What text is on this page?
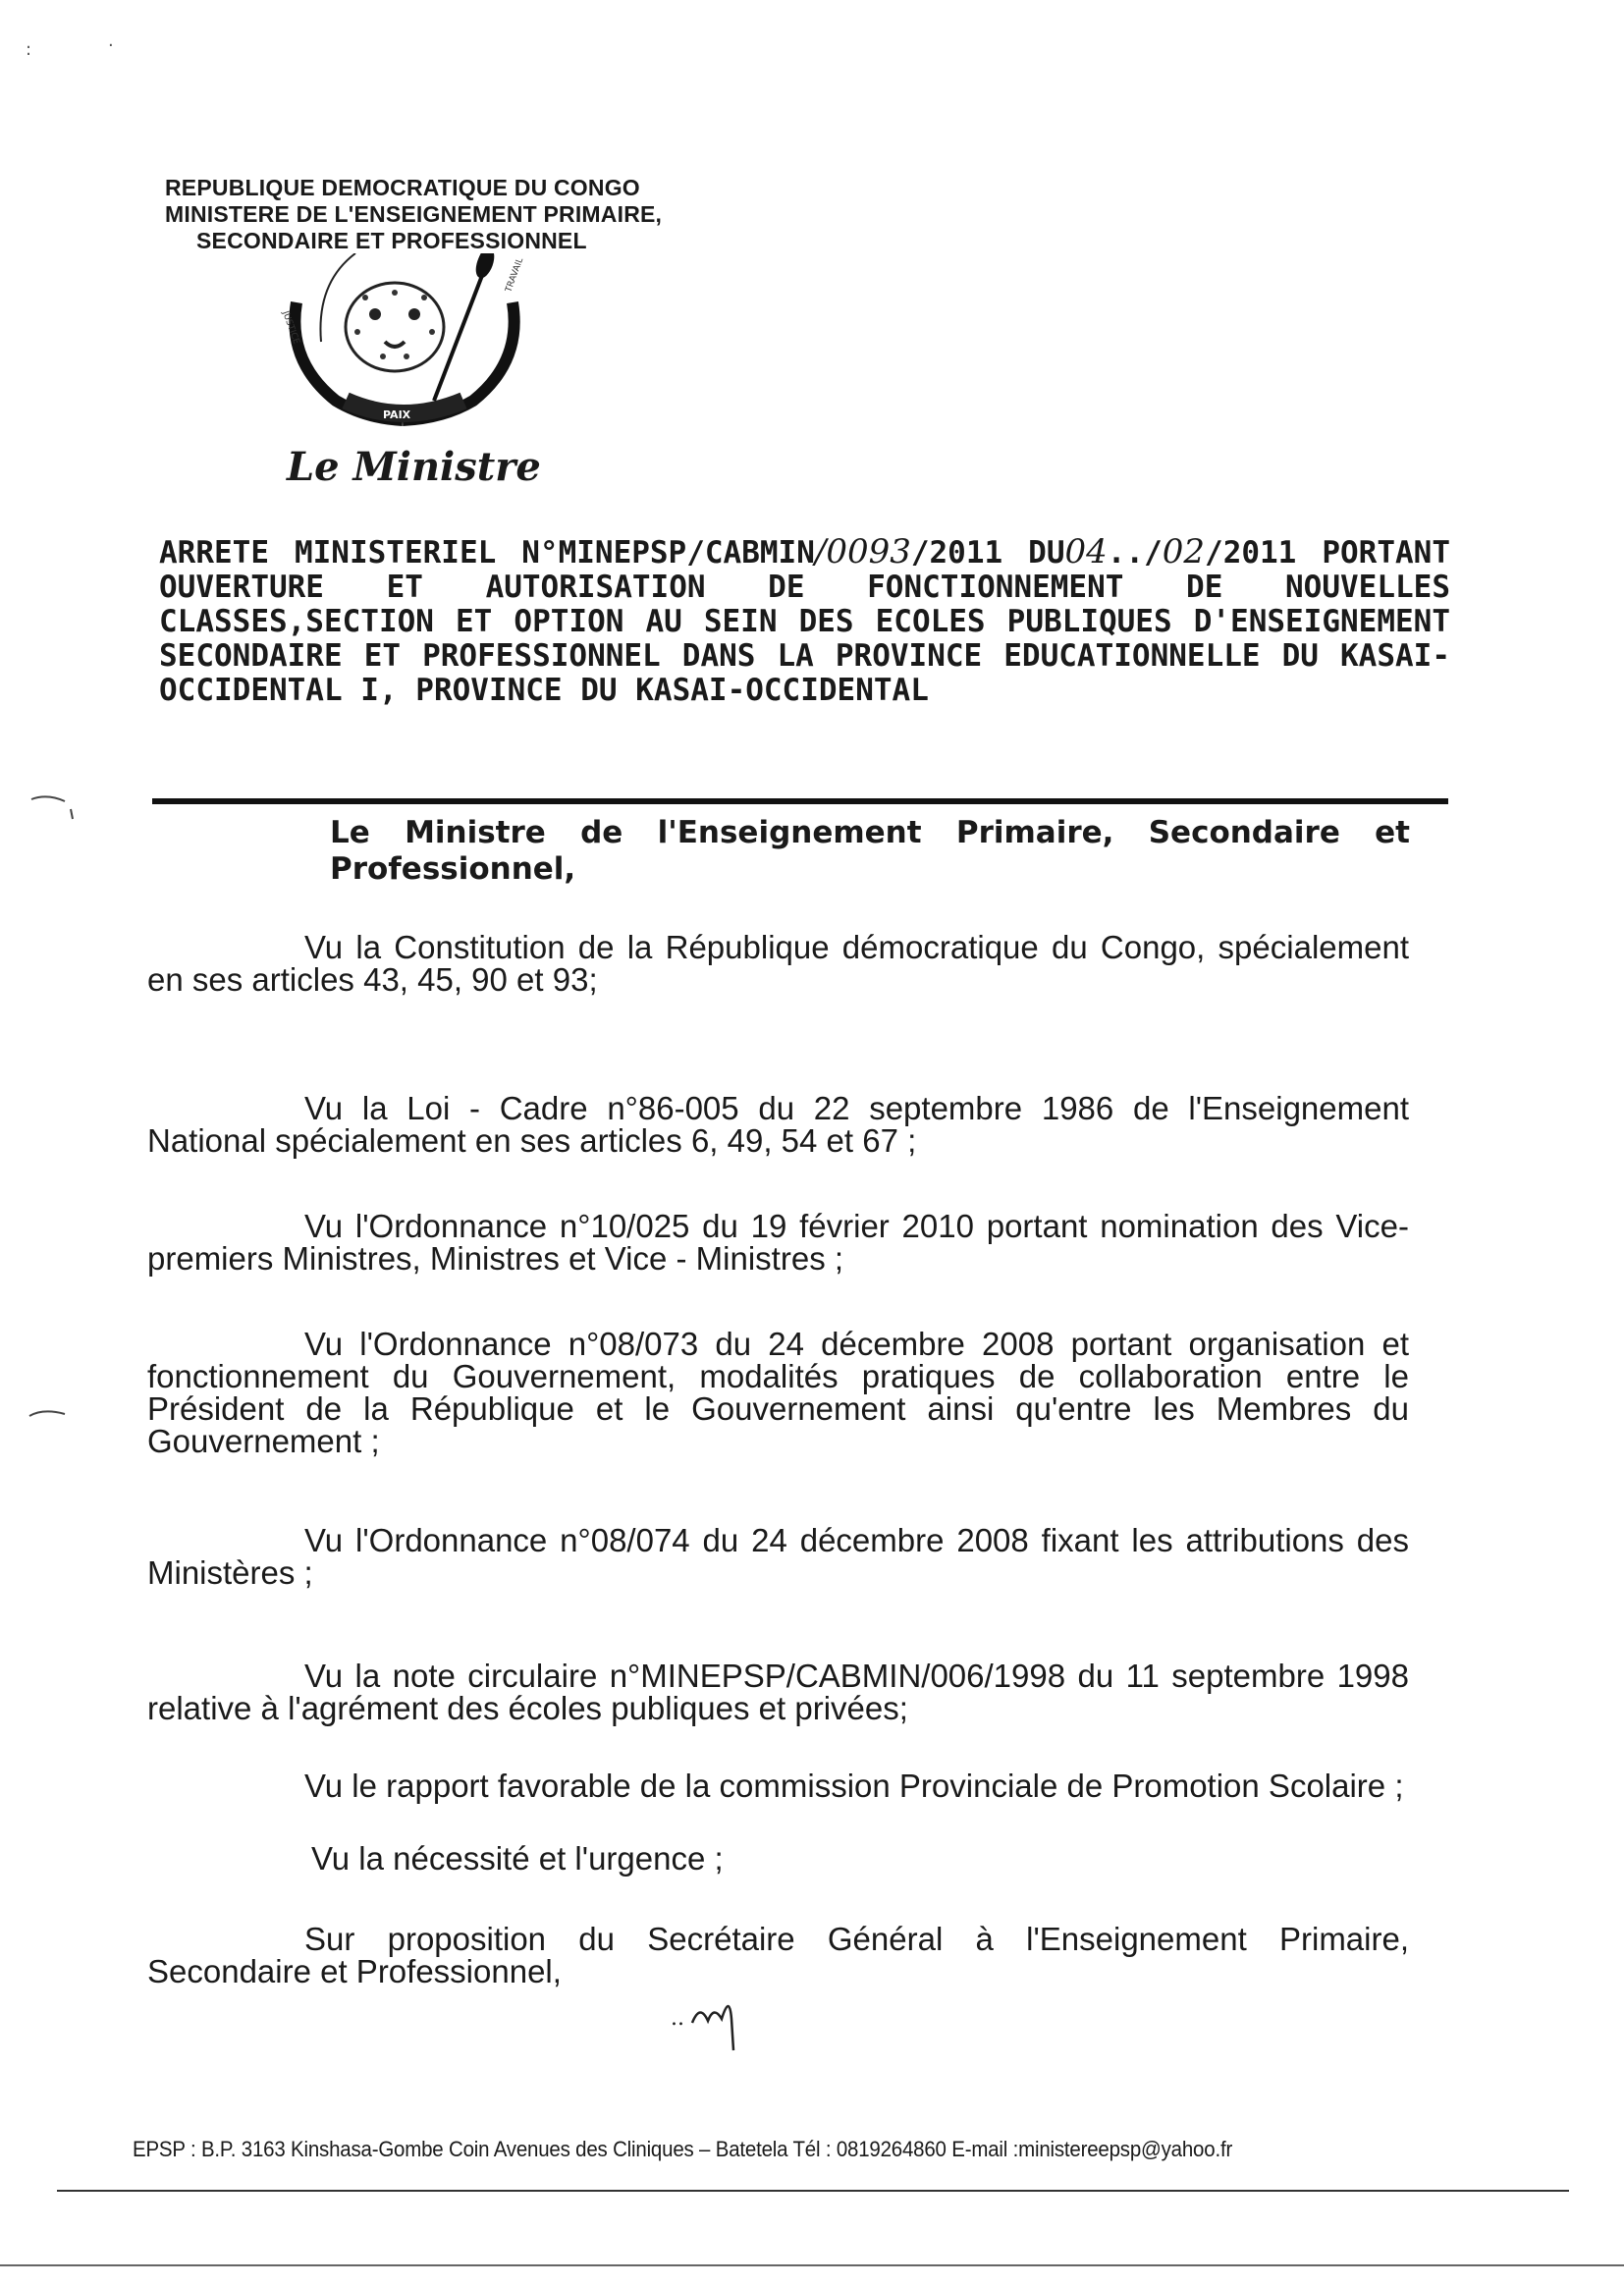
:	·
REPUBLIQUE DEMOCRATIQUE DU CONGO
MINISTERE DE L'ENSEIGNEMENT PRIMAIRE,
SECONDAIRE ET PROFESSIONNEL
PAIX
JUSTICE
TRAVAIL
Le Ministre
ARRETE MINISTERIEL N°MINEPSP/CABMIN/0093/2011 DU04../02/2011 PORTANT OUVERTURE ET AUTORISATION DE FONCTIONNEMENT DE NOUVELLES CLASSES,SECTION ET OPTION AU SEIN DES ECOLES PUBLIQUES D'ENSEIGNEMENT SECONDAIRE ET PROFESSIONNEL DANS LA PROVINCE EDUCATIONNELLE DU KASAI-OCCIDENTAL I, PROVINCE DU KASAI-OCCIDENTAL
Le Ministre de l'Enseignement Primaire, Secondaire et Professionnel,
Vu la Constitution de la République démocratique du Congo, spécialement en ses articles 43, 45, 90 et 93;
Vu la Loi - Cadre n°86-005 du 22 septembre 1986 de l'Enseignement National spécialement en ses articles 6, 49, 54 et 67 ;
Vu l'Ordonnance n°10/025 du 19 février 2010 portant nomination des Vice-premiers Ministres, Ministres et Vice - Ministres ;
Vu l'Ordonnance n°08/073 du 24 décembre 2008 portant organisation et fonctionnement du Gouvernement, modalités pratiques de collaboration entre le Président de la République et le Gouvernement ainsi qu'entre les Membres du Gouvernement ;
Vu l'Ordonnance n°08/074 du 24 décembre 2008 fixant les attributions des Ministères ;
Vu la note circulaire n°MINEPSP/CABMIN/006/1998 du 11 septembre 1998 relative à l'agrément des écoles publiques et privées;
Vu le rapport favorable de la commission Provinciale de Promotion Scolaire ;
Vu la nécessité et l'urgence ;
Sur proposition du Secrétaire Général à l'Enseignement Primaire, Secondaire et Professionnel,
..
EPSP : B.P. 3163 Kinshasa-Gombe Coin Avenues des Cliniques – Batetela Tél : 0819264860 E-mail :ministereepsp@yahoo.fr
